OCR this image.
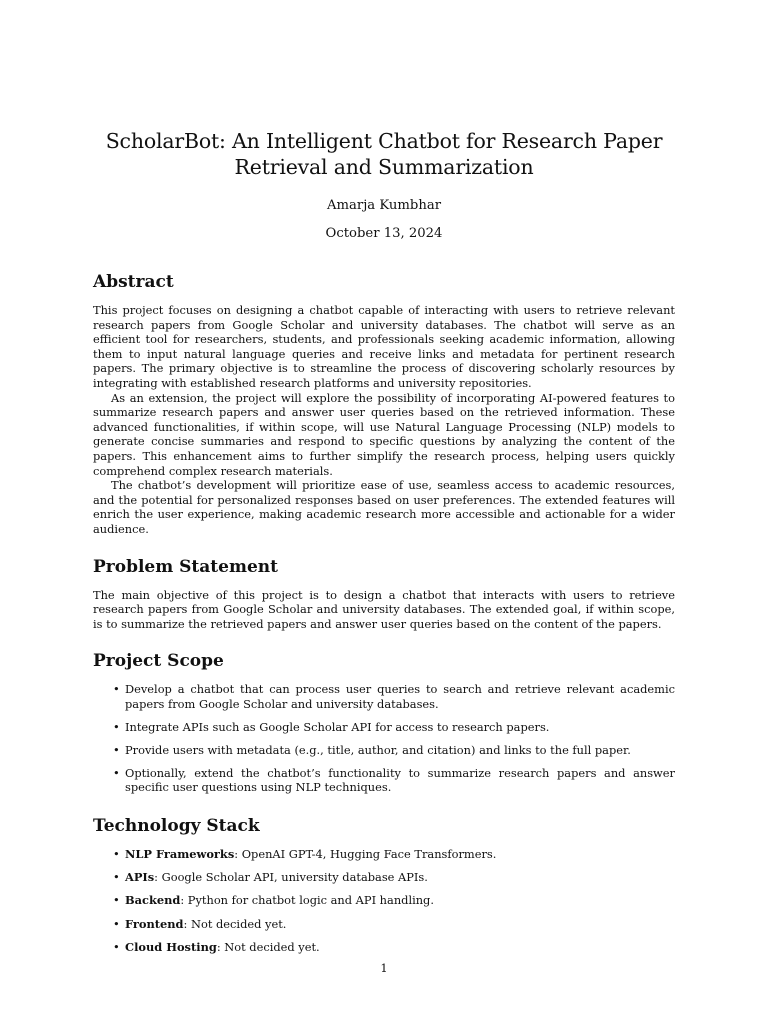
ScholarBot: An Intelligent Chatbot for Research Paper Retrieval and Summarization

Amarja Kumbhar

October 13, 2024

Abstract

This project focuses on designing a chatbot capable of interacting with users to retrieve relevant research papers from Google Scholar and university databases. The chatbot will serve as an efficient tool for researchers, students, and professionals seeking academic information, allowing them to input natural language queries and receive links and metadata for pertinent research papers. The primary objective is to streamline the process of discovering scholarly resources by integrating with established research platforms and university repositories.

As an extension, the project will explore the possibility of incorporating AI-powered features to summarize research papers and answer user queries based on the retrieved information. These advanced functionalities, if within scope, will use Natural Language Processing (NLP) models to generate concise summaries and respond to specific questions by analyzing the content of the papers. This enhancement aims to further simplify the research process, helping users quickly comprehend complex research materials.

The chatbot’s development will prioritize ease of use, seamless access to academic resources, and the potential for personalized responses based on user preferences. The extended features will enrich the user experience, making academic research more accessible and actionable for a wider audience.

Problem Statement

The main objective of this project is to design a chatbot that interacts with users to retrieve research papers from Google Scholar and university databases. The extended goal, if within scope, is to summarize the retrieved papers and answer user queries based on the content of the papers.

Project Scope
• Develop a chatbot that can process user queries to search and retrieve relevant academic papers from Google Scholar and university databases.
• Integrate APIs such as Google Scholar API for access to research papers.
• Provide users with metadata (e.g., title, author, and citation) and links to the full paper.
• Optionally, extend the chatbot’s functionality to summarize research papers and answer specific user questions using NLP techniques.
Technology Stack
• NLP Frameworks: OpenAI GPT-4, Hugging Face Transformers.
• APIs: Google Scholar API, university database APIs.
• Backend: Python for chatbot logic and API handling.
• Frontend: Not decided yet.
• Cloud Hosting: Not decided yet.
1
